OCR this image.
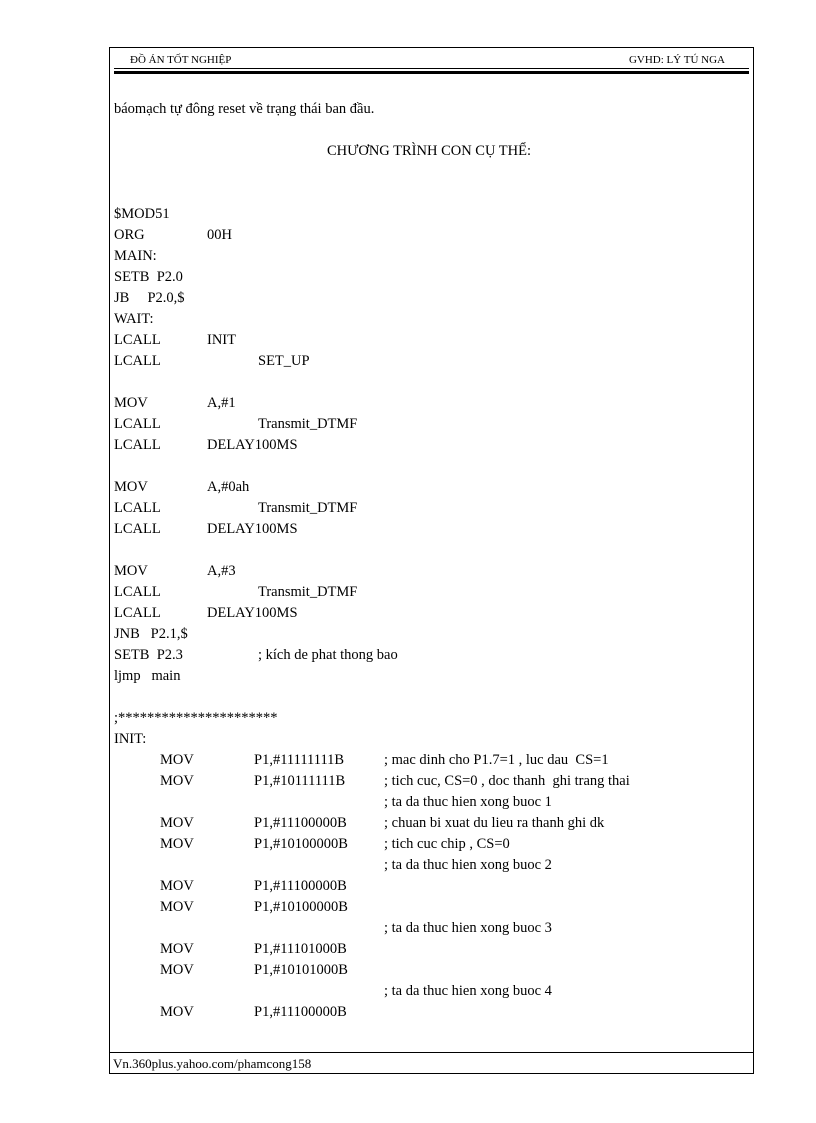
ĐỒ ÁN TỐT NGHIỆP	GVHD: LÝ TÚ NGA
báomạch tự đông reset về trạng thái ban đầu.
CHƯƠNG TRÌNH CON CỤ THỂ:
$MOD51
ORG	00H
MAIN:
SETB  P2.0
JB     P2.0,$
WAIT:
LCALL	INIT
LCALL	SET_UP
MOV	A,#1
LCALL	Transmit_DTMF
LCALL	DELAY100MS
MOV	A,#0ah
LCALL	Transmit_DTMF
LCALL	DELAY100MS
MOV	A,#3
LCALL	Transmit_DTMF
LCALL	DELAY100MS
JNB   P2.1,$
SETB  P2.3	; kích de phat thong bao
ljmp   main
;**********************
INIT:
MOV	P1,#11111111B	; mac dinh cho P1.7=1 , luc dau  CS=1
MOV	P1,#10111111B	; tich cuc, CS=0 , doc thanh  ghi trang thai
; ta da thuc hien xong buoc 1
MOV	P1,#11100000B	; chuan bi xuat du lieu ra thanh ghi dk
MOV	P1,#10100000B ; tich cuc chip , CS=0
; ta da thuc hien xong buoc 2
MOV	P1,#11100000B
MOV	P1,#10100000B
; ta da thuc hien xong buoc 3
MOV	P1,#11101000B
MOV	P1,#10101000B
; ta da thuc hien xong buoc 4
MOV	P1,#11100000B
Vn.360plus.yahoo.com/phamcong158
